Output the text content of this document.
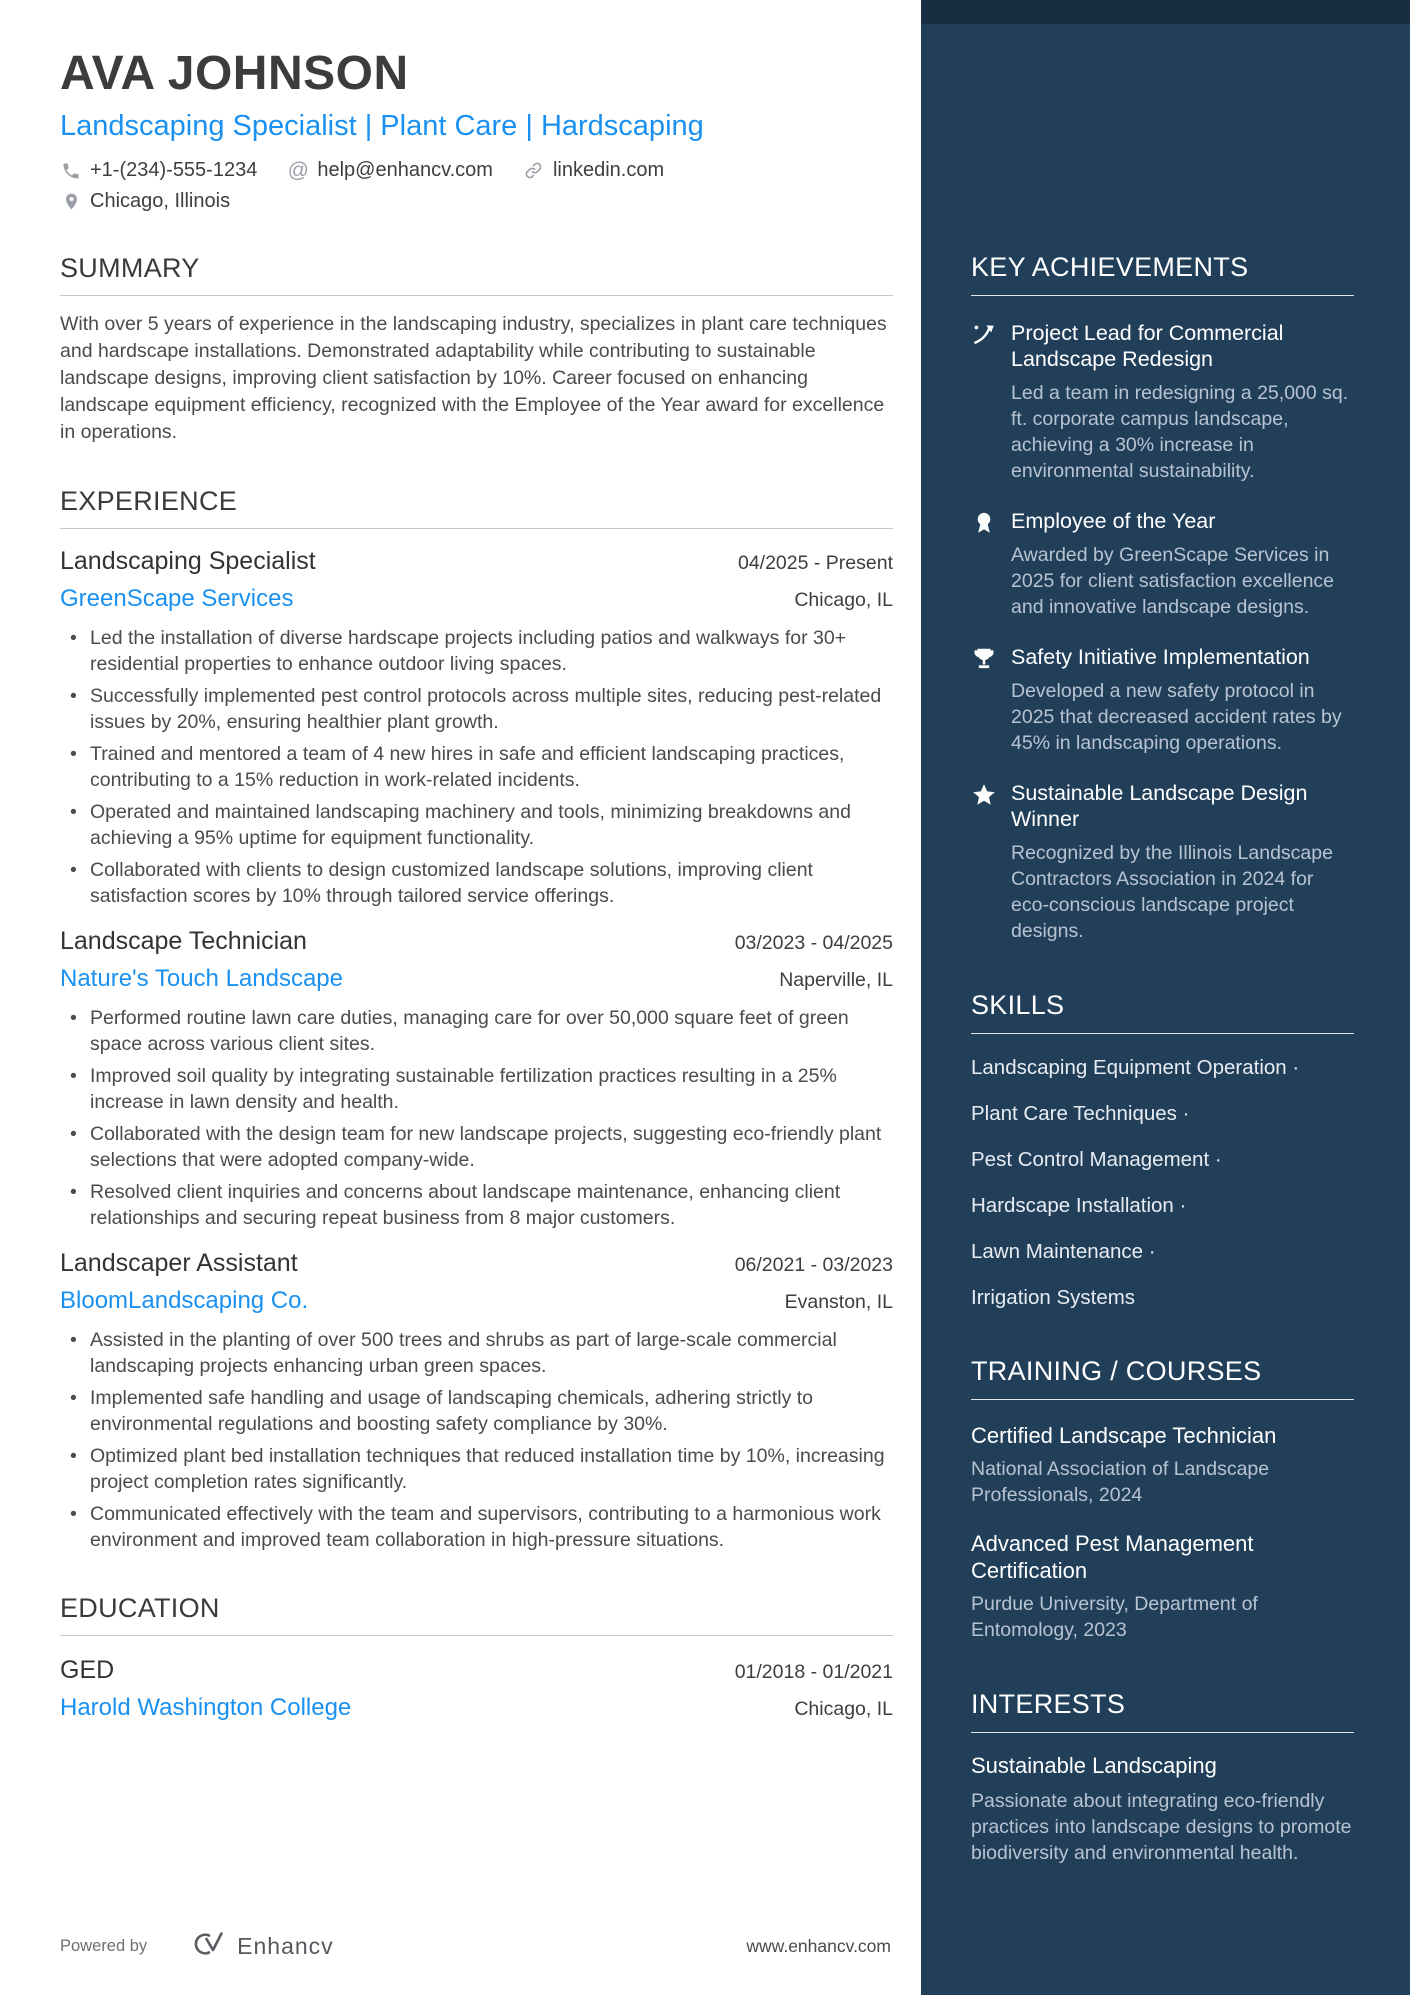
AVA JOHNSON
Landscaping Specialist | Plant Care | Hardscaping
+1-(234)-555-1234 @ help@enhancv.com	linkedin.com
Chicago, Illinois
SUMMARY
With over 5 years of experience in the landscaping industry, specializes in plant care techniques and hardscape installations. Demonstrated adaptability while contributing to sustainable landscape designs, improving client satisfaction by 10%. Career focused on enhancing landscape equipment efficiency, recognized with the Employee of the Year award for excellence in operations.
EXPERIENCE
Landscaping Specialist	04/2025 - Present
GreenScape Services	Chicago, IL
• Led the installation of diverse hardscape projects including patios and walkways for 30+ residential properties to enhance outdoor living spaces.
• Successfully implemented pest control protocols across multiple sites, reducing pest-related issues by 20%, ensuring healthier plant growth.
• Trained and mentored a team of 4 new hires in safe and efficient landscaping practices, contributing to a 15% reduction in work-related incidents.
• Operated and maintained landscaping machinery and tools, minimizing breakdowns and achieving a 95% uptime for equipment functionality.
• Collaborated with clients to design customized landscape solutions, improving client satisfaction scores by 10% through tailored service offerings.
Landscape Technician	03/2023 - 04/2025
Nature's Touch Landscape	Naperville, IL
• Performed routine lawn care duties, managing care for over 50,000 square feet of green space across various client sites.
• Improved soil quality by integrating sustainable fertilization practices resulting in a 25% increase in lawn density and health.
• Collaborated with the design team for new landscape projects, suggesting eco-friendly plant selections that were adopted company-wide.
• Resolved client inquiries and concerns about landscape maintenance, enhancing client relationships and securing repeat business from 8 major customers.
Landscaper Assistant	06/2021 - 03/2023
BloomLandscaping Co.	Evanston, IL
• Assisted in the planting of over 500 trees and shrubs as part of large-scale commercial landscaping projects enhancing urban green spaces.
• Implemented safe handling and usage of landscaping chemicals, adhering strictly to environmental regulations and boosting safety compliance by 30%.
• Optimized plant bed installation techniques that reduced installation time by 10%, increasing project completion rates significantly.
• Communicated effectively with the team and supervisors, contributing to a harmonious work environment and improved team collaboration in high-pressure situations.
EDUCATION
GED	01/2018 - 01/2021
Harold Washington College	Chicago, IL
Powered by	Enhancv	www.enhancv.com
KEY ACHIEVEMENTS
Project Lead for Commercial Landscape Redesign
Led a team in redesigning a 25,000 sq. ft. corporate campus landscape, achieving a 30% increase in environmental sustainability.
Employee of the Year
Awarded by GreenScape Services in 2025 for client satisfaction excellence and innovative landscape designs.
Safety Initiative Implementation
Developed a new safety protocol in 2025 that decreased accident rates by 45% in landscaping operations.
Sustainable Landscape Design Winner
Recognized by the Illinois Landscape Contractors Association in 2024 for eco-conscious landscape project designs.
SKILLS
Landscaping Equipment Operation ·
Plant Care Techniques ·
Pest Control Management ·
Hardscape Installation ·
Lawn Maintenance ·
Irrigation Systems
TRAINING / COURSES
Certified Landscape Technician
National Association of Landscape Professionals, 2024
Advanced Pest Management Certification
Purdue University, Department of Entomology, 2023
INTERESTS
Sustainable Landscaping
Passionate about integrating eco-friendly practices into landscape designs to promote biodiversity and environmental health.
